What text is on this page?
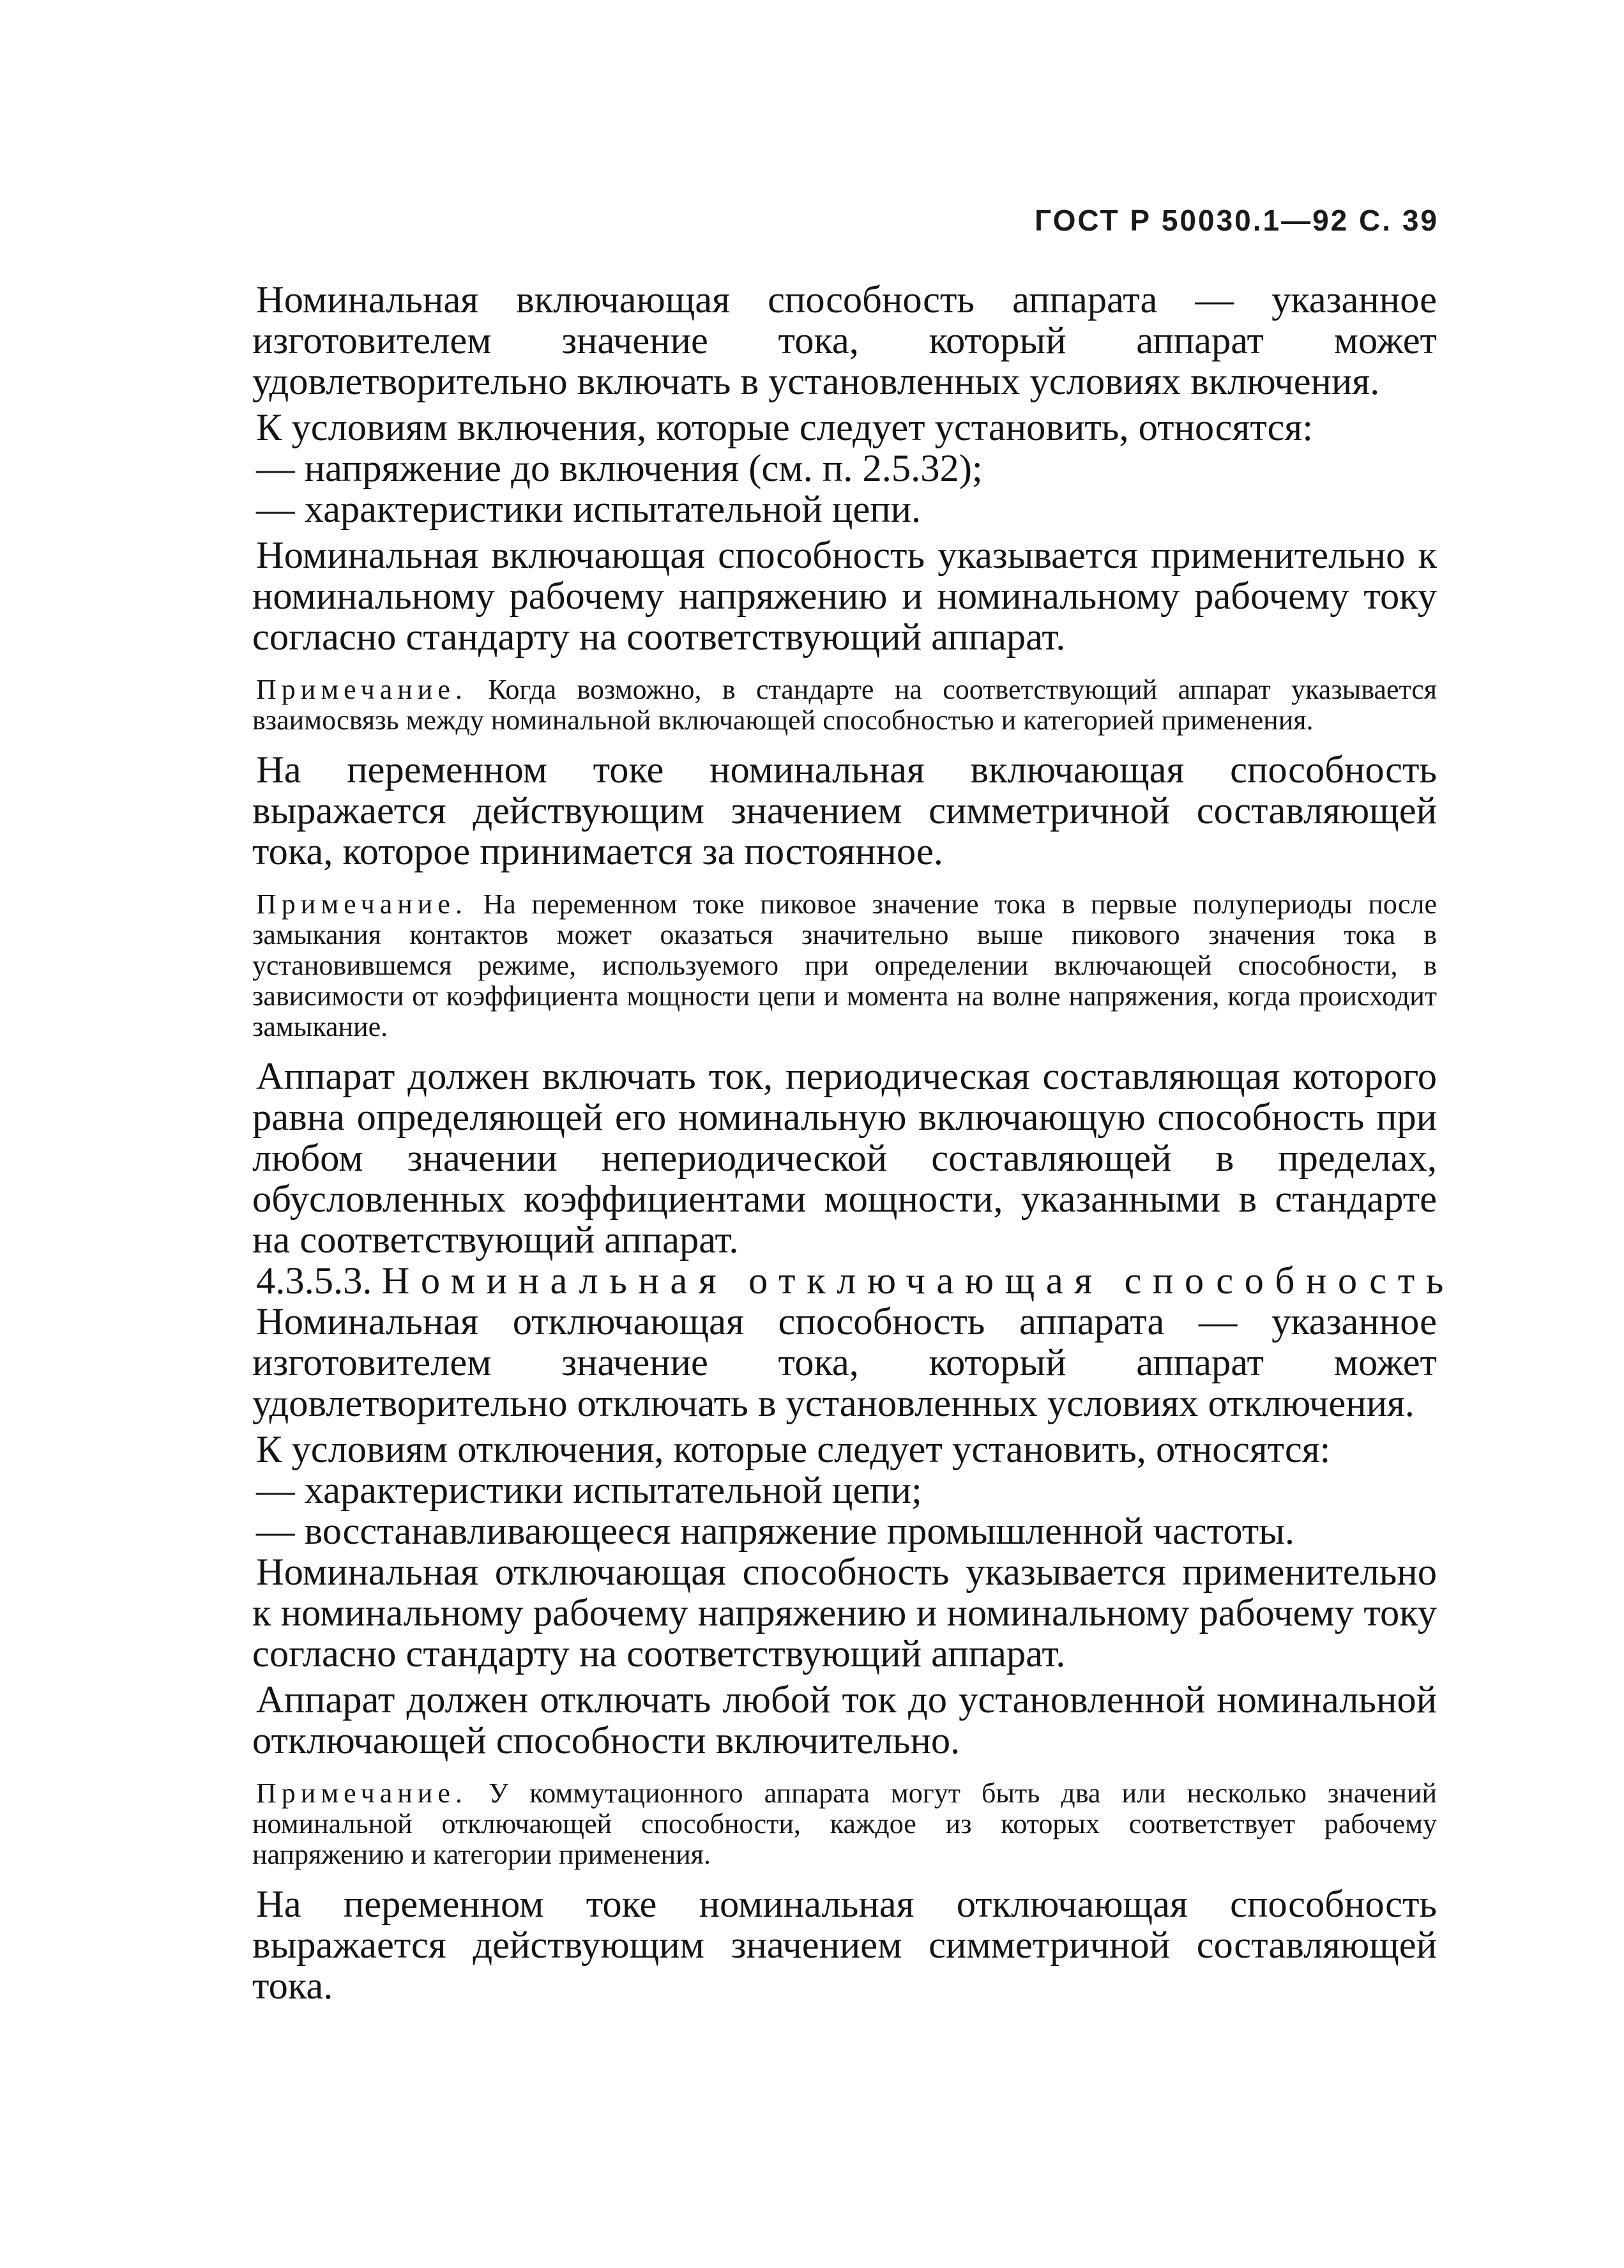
ГОСТ Р 50030.1—92 С. 39

Номинальная включающая способность аппарата — указанное изготовителем значение тока, который аппарат может удовлетворительно включать в установленных условиях включения.

К условиям включения, которые следует установить, относятся:

— напряжение до включения (см. п. 2.5.32);

— характеристики испытательной цепи.

Номинальная включающая способность указывается применительно к номинальному рабочему напряжению и номинальному рабочему току согласно стандарту на соответствующий аппарат.

Примечание. Когда возможно, в стандарте на соответствующий аппарат указывается взаимосвязь между номинальной включающей способностью и категорией применения.

На переменном токе номинальная включающая способность выражается действующим значением симметричной составляющей тока, которое принимается за постоянное.

Примечание. На переменном токе пиковое значение тока в первые полупериоды после замыкания контактов может оказаться значительно выше пикового значения тока в установившемся режиме, используемого при определении включающей способности, в зависимости от коэффициента мощности цепи и момента на волне напряжения, когда происходит замыкание.

Аппарат должен включать ток, периодическая составляющая которого равна определяющей его номинальную включающую способность при любом значении непериодической составляющей в пределах, обусловленных коэффициентами мощности, указанными в стандарте на соответствующий аппарат.

4.3.5.3. Номинальная отключающая способность

Номинальная отключающая способность аппарата — указанное изготовителем значение тока, который аппарат может удовлетворительно отключать в установленных условиях отключения.

К условиям отключения, которые следует установить, относятся:

— характеристики испытательной цепи;

— восстанавливающееся напряжение промышленной частоты.

Номинальная отключающая способность указывается применительно к номинальному рабочему напряжению и номинальному рабочему току согласно стандарту на соответствующий аппарат.

Аппарат должен отключать любой ток до установленной номинальной отключающей способности включительно.

Примечание. У коммутационного аппарата могут быть два или несколько значений номинальной отключающей способности, каждое из которых соответствует рабочему напряжению и категории применения.

На переменном токе номинальная отключающая способность выражается действующим значением симметричной составляющей тока.
